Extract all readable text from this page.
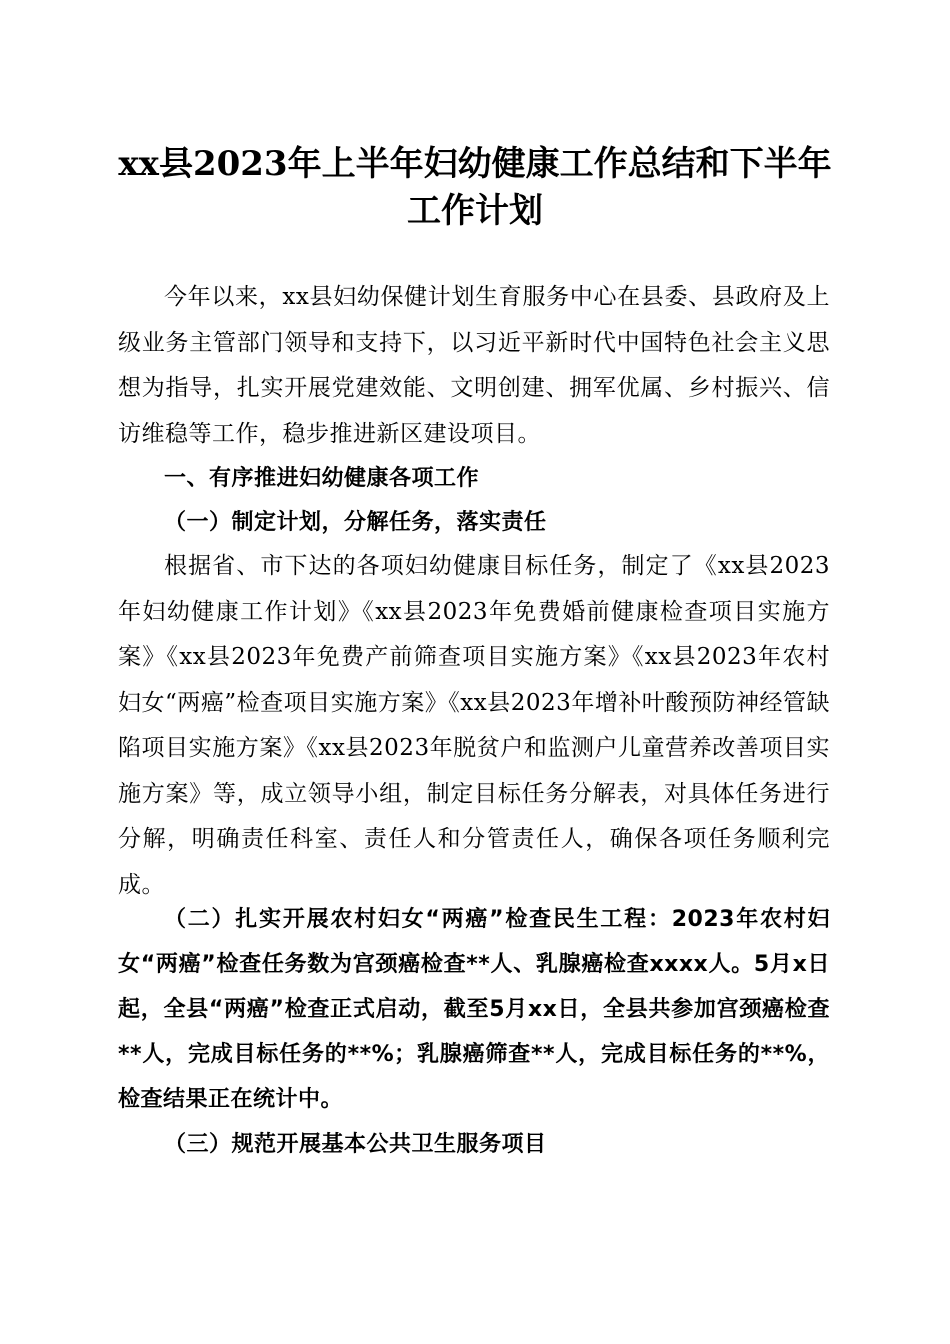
xx县2023年上半年妇幼健康工作总结和下半年工作计划

今年以来，xx县妇幼保健计划生育服务中心在县委、县政府及上级业务主管部门领导和支持下，以习近平新时代中国特色社会主义思想为指导，扎实开展党建效能、文明创建、拥军优属、乡村振兴、信访维稳等工作，稳步推进新区建设项目。

一、有序推进妇幼健康各项工作
（一）制定计划，分解任务，落实责任

根据省、市下达的各项妇幼健康目标任务，制定了《xx县2023年妇幼健康工作计划》《xx县2023年免费婚前健康检查项目实施方案》《xx县2023年免费产前筛查项目实施方案》《xx县2023年农村妇女“两癌”检查项目实施方案》《xx县2023年增补叶酸预防神经管缺陷项目实施方案》《xx县2023年脱贫户和监测户儿童营养改善项目实施方案》等，成立领导小组，制定目标任务分解表，对具体任务进行分解，明确责任科室、责任人和分管责任人，确保各项任务顺利完成。

（二）扎实开展农村妇女“两癌”检查民生工程：2023年农村妇女“两癌”检查任务数为宫颈癌检查**人、乳腺癌检查xxxx人。5月x日起，全县“两癌”检查正式启动，截至5月xx日，全县共参加宫颈癌检查**人，完成目标任务的**%；乳腺癌筛查**人，完成目标任务的**%，检查结果正在统计中。

（三）规范开展基本公共卫生服务项目
